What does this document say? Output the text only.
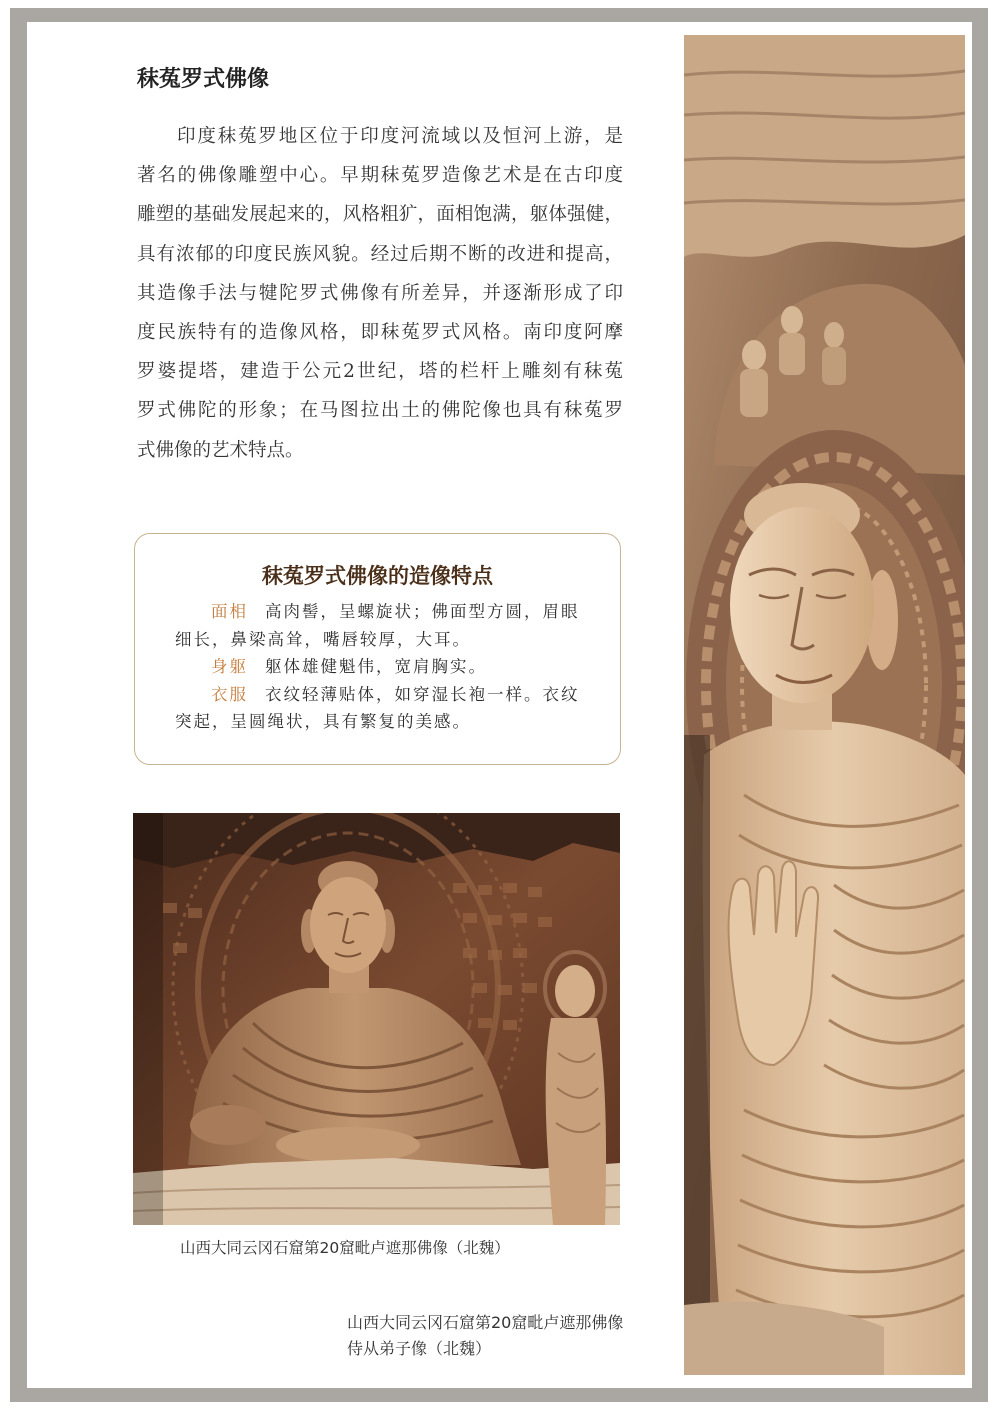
秣菟罗式佛像
印度秣菟罗地区位于印度河流域以及恒河上游，是
著名的佛像雕塑中心。早期秣菟罗造像艺术是在古印度
雕塑的基础发展起来的，风格粗犷，面相饱满，躯体强健，
具有浓郁的印度民族风貌。经过后期不断的改进和提高，
其造像手法与犍陀罗式佛像有所差异，并逐渐形成了印
度民族特有的造像风格，即秣菟罗式风格。南印度阿摩
罗婆提塔，建造于公元2世纪，塔的栏杆上雕刻有秣菟
罗式佛陀的形象；在马图拉出土的佛陀像也具有秣菟罗
式佛像的艺术特点。
秣菟罗式佛像的造像特点
面相 高肉髻，呈螺旋状；佛面型方圆，眉眼
细长，鼻梁高耸，嘴唇较厚，大耳。
身躯 躯体雄健魁伟，宽肩胸实。
衣服 衣纹轻薄贴体，如穿湿长袍一样。衣纹
突起，呈圆绳状，具有繁复的美感。
山西大同云冈石窟第20窟毗卢遮那佛像（北魏）
山西大同云冈石窟第20窟毗卢遮那佛像
侍从弟子像（北魏）
